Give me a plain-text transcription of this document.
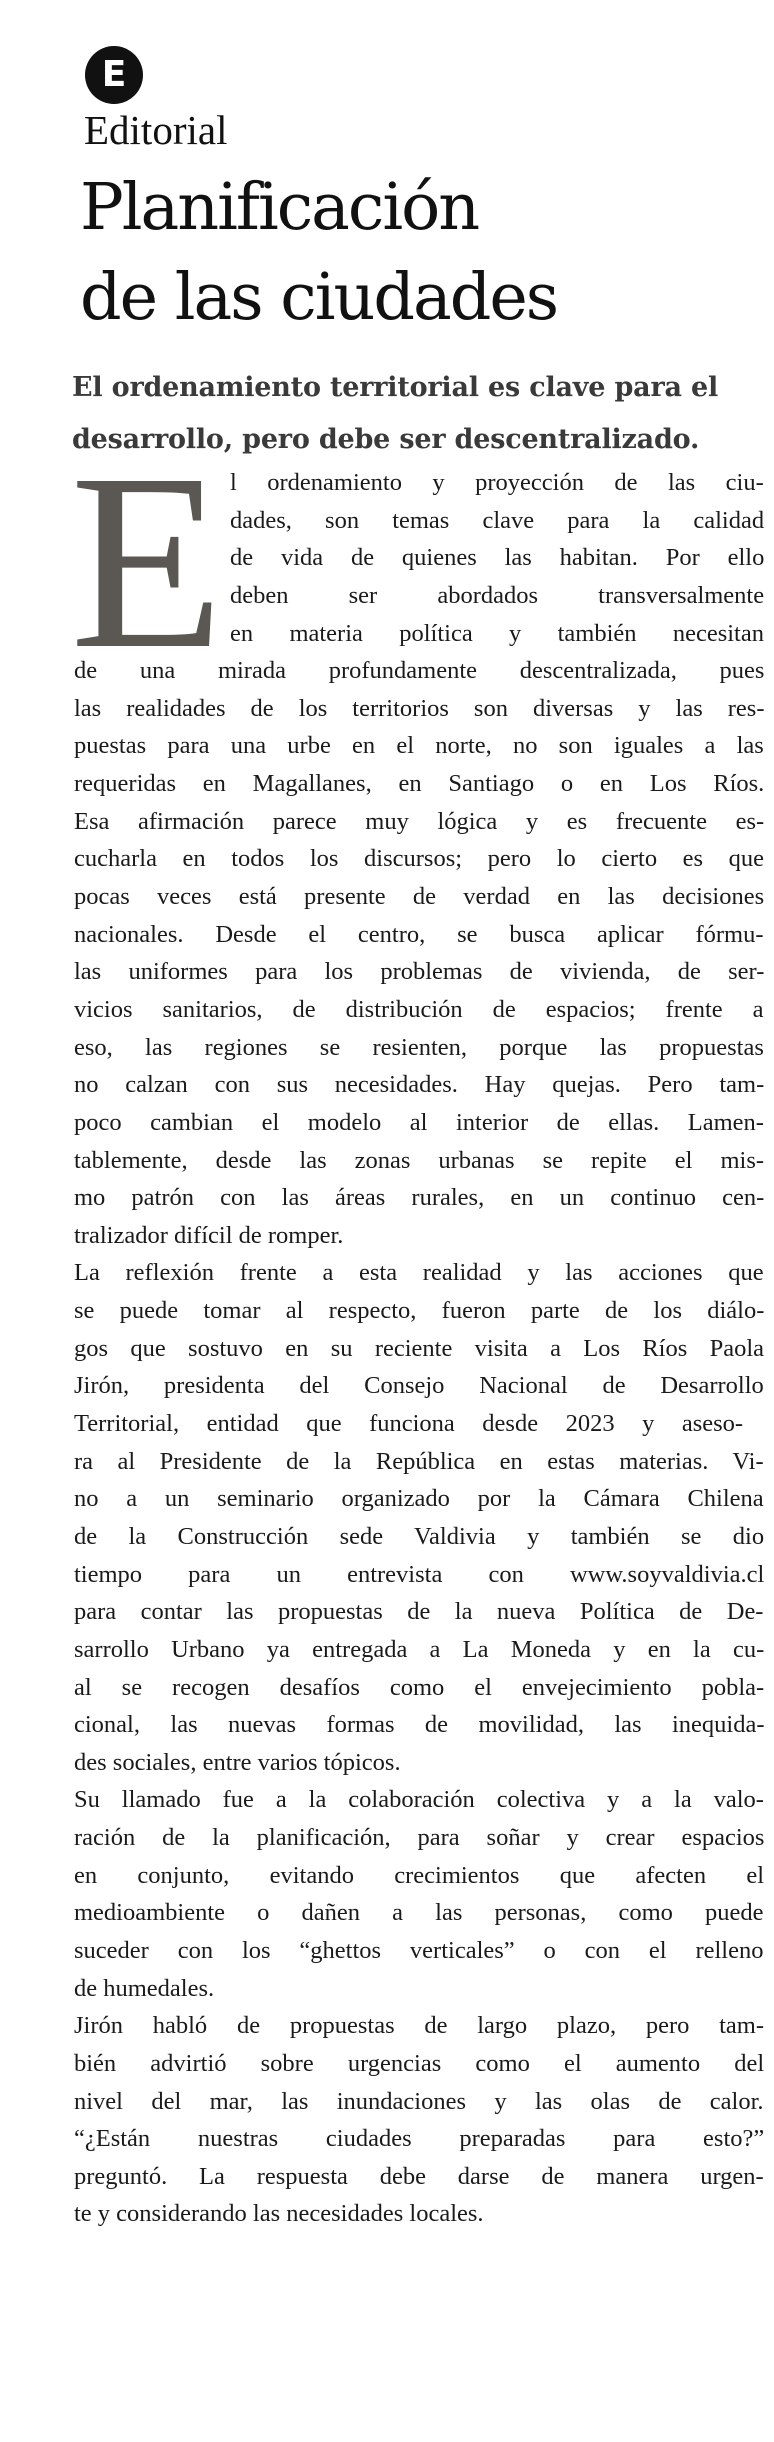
E
Editorial
Planificación
de las ciudades
El ordenamiento territorial es clave para el
desarrollo, pero debe ser descentralizado.
E l ordenamiento y proyección de las ciu-
dades, son temas clave para la calidad
de vida de quienes las habitan. Por ello
deben ser abordados transversalmente
en materia política y también necesitan
de una mirada profundamente descentralizada, pues
las realidades de los territorios son diversas y las res-
puestas para una urbe en el norte, no son iguales a las
requeridas en Magallanes, en Santiago o en Los Ríos.
Esa afirmación parece muy lógica y es frecuente es-
cucharla en todos los discursos; pero lo cierto es que
pocas veces está presente de verdad en las decisiones
nacionales. Desde el centro, se busca aplicar fórmu-
las uniformes para los problemas de vivienda, de ser-
vicios sanitarios, de distribución de espacios; frente a
eso, las regiones se resienten, porque las propuestas
no calzan con sus necesidades. Hay quejas. Pero tam-
poco cambian el modelo al interior de ellas. Lamen-
tablemente, desde las zonas urbanas se repite el mis-
mo patrón con las áreas rurales, en un continuo cen-
tralizador difícil de romper.
La reflexión frente a esta realidad y las acciones que
se puede tomar al respecto, fueron parte de los diálo-
gos que sostuvo en su reciente visita a Los Ríos Paola
Jirón, presidenta del Consejo Nacional de Desarrollo
Territorial, entidad que funciona desde 2023 y aseso-
ra al Presidente de la República en estas materias. Vi-
no a un seminario organizado por la Cámara Chilena
de la Construcción sede Valdivia y también se dio
tiempo para un entrevista con www.soyvaldivia.cl
para contar las propuestas de la nueva Política de De-
sarrollo Urbano ya entregada a La Moneda y en la cu-
al se recogen desafíos como el envejecimiento pobla-
cional, las nuevas formas de movilidad, las inequida-
des sociales, entre varios tópicos.
Su llamado fue a la colaboración colectiva y a la valo-
ración de la planificación, para soñar y crear espacios
en conjunto, evitando crecimientos que afecten el
medioambiente o dañen a las personas, como puede
suceder con los “ghettos verticales” o con el relleno
de humedales.
Jirón habló de propuestas de largo plazo, pero tam-
bién advirtió sobre urgencias como el aumento del
nivel del mar, las inundaciones y las olas de calor.
“¿Están nuestras ciudades preparadas para esto?”
preguntó. La respuesta debe darse de manera urgen-
te y considerando las necesidades locales.
